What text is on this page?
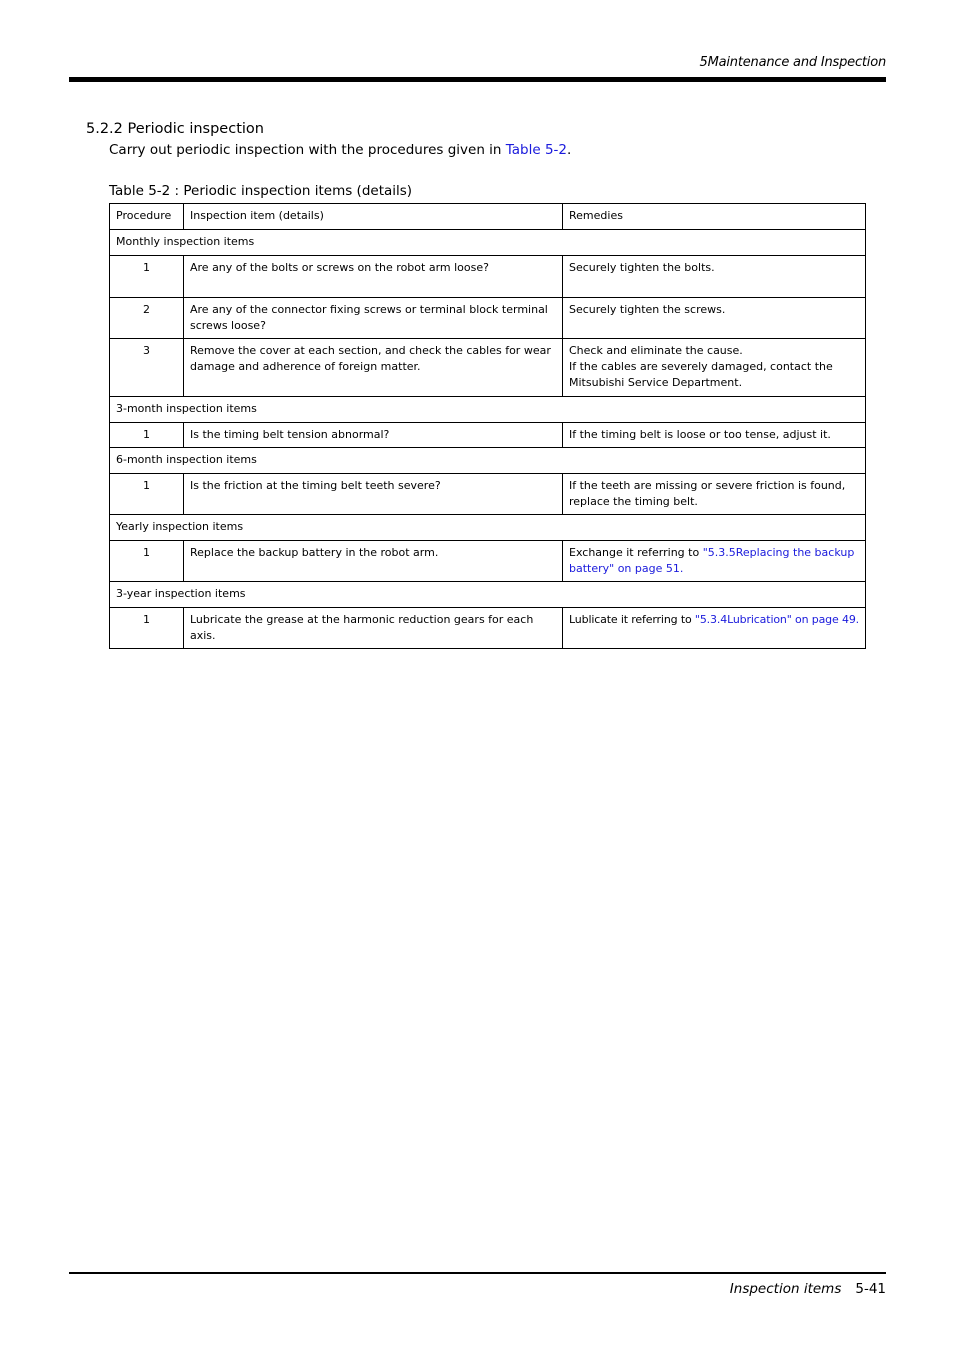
5Maintenance and Inspection
5.2.2 Periodic inspection
Carry out periodic inspection with the procedures given in Table 5-2.
Table 5-2 : Periodic inspection items (details)
Procedure	Inspection item (details)	Remedies
Monthly inspection items		
1	Are any of the bolts or screws on the robot arm loose?	Securely tighten the bolts.
2	Are any of the connector fixing screws or terminal block terminal screws loose?	Securely tighten the screws.
3	Remove the cover at each section, and check the cables for wear damage and adherence of foreign matter.	Check and eliminate the cause.
If the cables are severely damaged, contact the Mitsubishi Service Department.

3-month inspection items		
1	Is the timing belt tension abnormal?	If the timing belt is loose or too tense, adjust it.
6-month inspection items		
1	Is the friction at the timing belt teeth severe?	If the teeth are missing or severe friction is found, replace the timing belt.
Yearly inspection items		
1	Replace the backup battery in the robot arm.	Exchange it referring to "5.3.5Replacing the backup battery" on page 51.
3-year inspection items		
1	Lubricate the grease at the harmonic reduction gears for each axis.	Lublicate it referring to "5.3.4Lubrication" on page 49.
Inspection items 5-41
